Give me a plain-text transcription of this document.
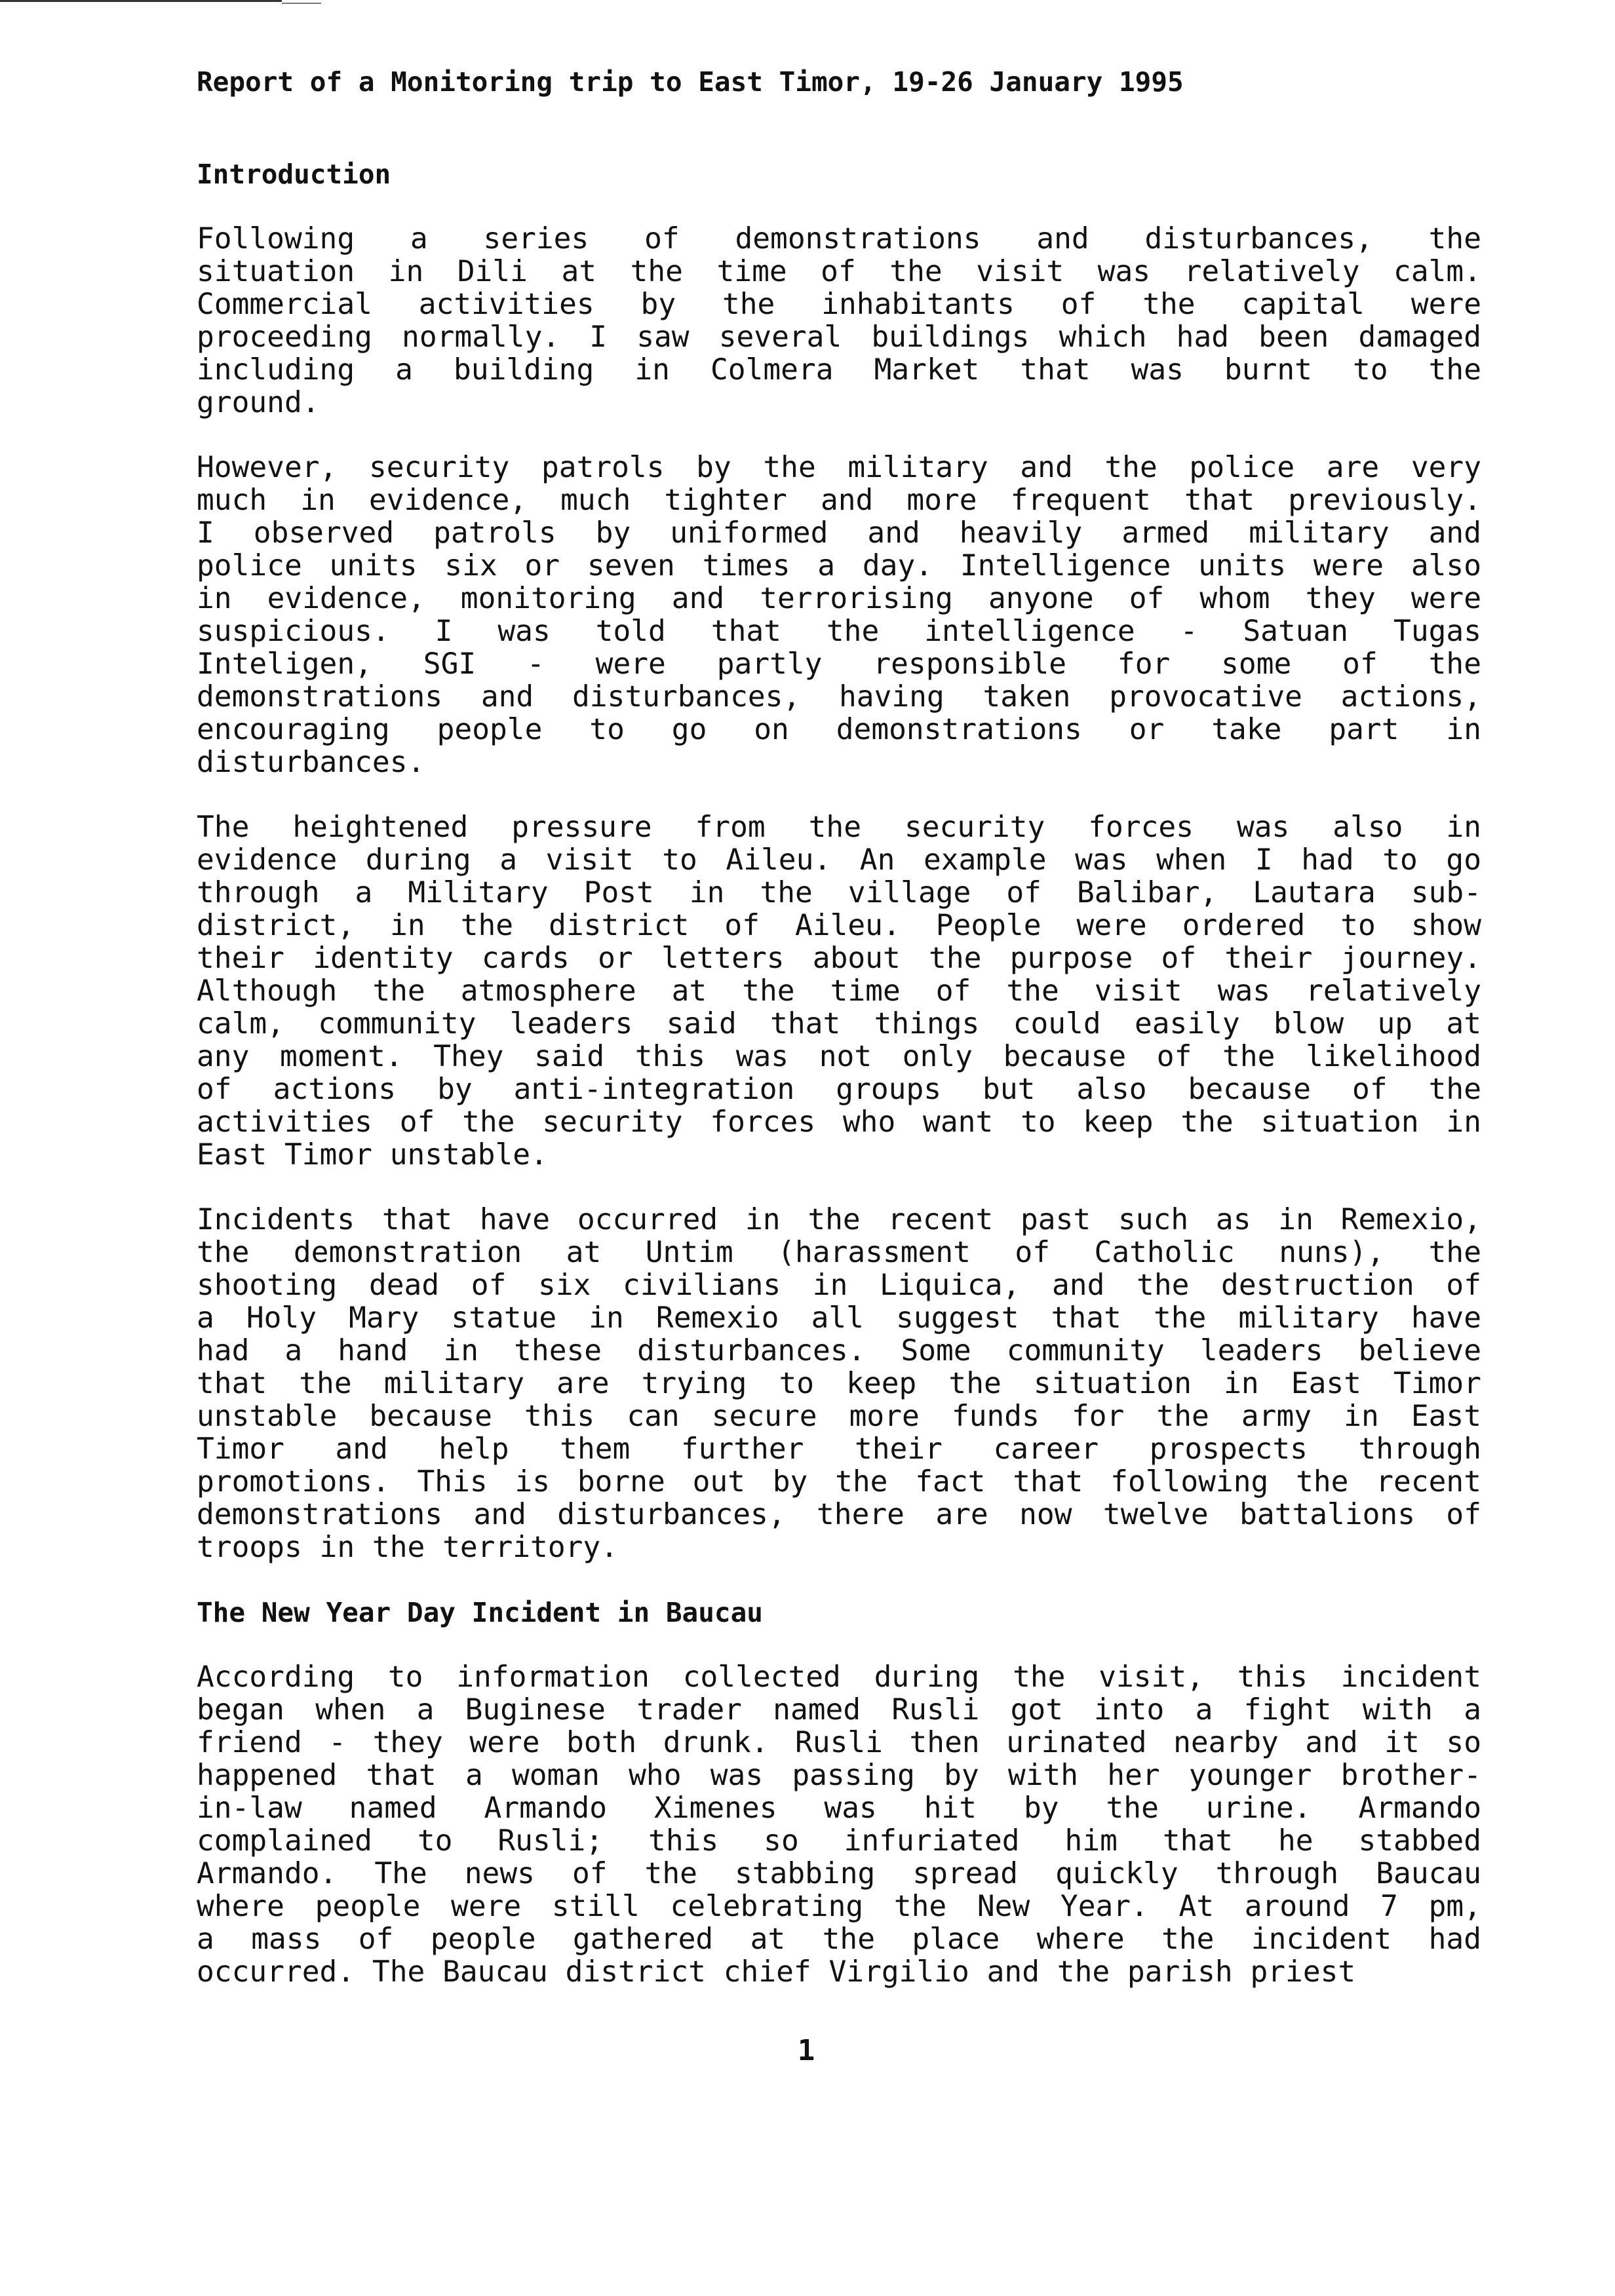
Report of a Monitoring trip to East Timor, 19-26 January 1995
Introduction
Following a series of demonstrations and disturbances, the
situation in Dili at the time of the visit was relatively calm.
Commercial activities by the inhabitants of the capital were
proceeding normally. I saw several buildings which had been damaged
including a building in Colmera Market that was burnt to the
ground.
However, security patrols by the military and the police are very
much in evidence, much tighter and more frequent that previously.
I observed patrols by uniformed and heavily armed military and
police units six or seven times a day. Intelligence units were also
in evidence, monitoring and terrorising anyone of whom they were
suspicious. I was told that the intelligence - Satuan Tugas
Inteligen, SGI - were partly responsible for some of the
demonstrations and disturbances, having taken provocative actions,
encouraging people to go on demonstrations or take part in
disturbances.
The heightened pressure from the security forces was also in
evidence during a visit to Aileu. An example was when I had to go
through a Military Post in the village of Balibar, Lautara sub-
district, in the district of Aileu. People were ordered to show
their identity cards or letters about the purpose of their journey.
Although the atmosphere at the time of the visit was relatively
calm, community leaders said that things could easily blow up at
any moment. They said this was not only because of the likelihood
of actions by anti-integration groups but also because of the
activities of the security forces who want to keep the situation in
East Timor unstable.
Incidents that have occurred in the recent past such as in Remexio,
the demonstration at Untim (harassment of Catholic nuns), the
shooting dead of six civilians in Liquica, and the destruction of
a Holy Mary statue in Remexio all suggest that the military have
had a hand in these disturbances. Some community leaders believe
that the military are trying to keep the situation in East Timor
unstable because this can secure more funds for the army in East
Timor and help them further their career prospects through
promotions. This is borne out by the fact that following the recent
demonstrations and disturbances, there are now twelve battalions of
troops in the territory.
The New Year Day Incident in Baucau
According to information collected during the visit, this incident
began when a Buginese trader named Rusli got into a fight with a
friend - they were both drunk. Rusli then urinated nearby and it so
happened that a woman who was passing by with her younger brother-
in-law named Armando Ximenes was hit by the urine. Armando
complained to Rusli; this so infuriated him that he stabbed
Armando. The news of the stabbing spread quickly through Baucau
where people were still celebrating the New Year. At around 7 pm,
a mass of people gathered at the place where the incident had
occurred. The Baucau district chief Virgilio and the parish priest
1
